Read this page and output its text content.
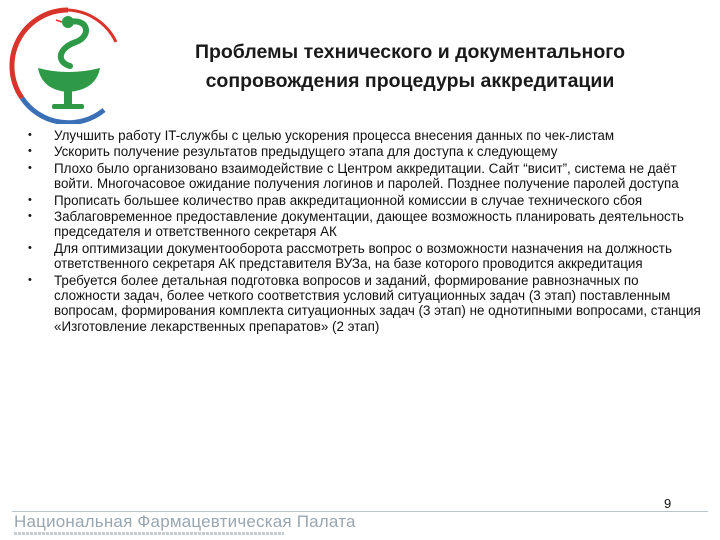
Проблемы технического и документального
сопровождения процедуры аккредитации
• Улучшить работу IT-службы с целью ускорения процесса внесения данных по чек-листам
• Ускорить получение результатов предыдущего этапа для доступа к следующему
• Плохо было организовано взаимодействие с Центром аккредитации. Сайт “висит”, система не даёт войти. Многочасовое ожидание получения логинов и паролей. Позднее получение паролей доступа
• Прописать большее количество прав аккредитационной комиссии в случае технического сбоя
• Заблаговременное предоставление документации, дающее возможность планировать деятельность председателя и ответственного секретаря АК
• Для оптимизации документооборота рассмотреть вопрос о возможности назначения на должность ответственного секретаря АК представителя ВУЗа, на базе которого проводится аккредитация
• Требуется более детальная подготовка вопросов и заданий, формирование равнозначных по сложности задач, более четкого соответствия условий ситуационных задач (3 этап) поставленным вопросам, формирования комплекта ситуационных задач (3 этап) не однотипными вопросами, станция «Изготовление лекарственных препаратов» (2 этап)
9
Национальная Фармацевтическая Палата
